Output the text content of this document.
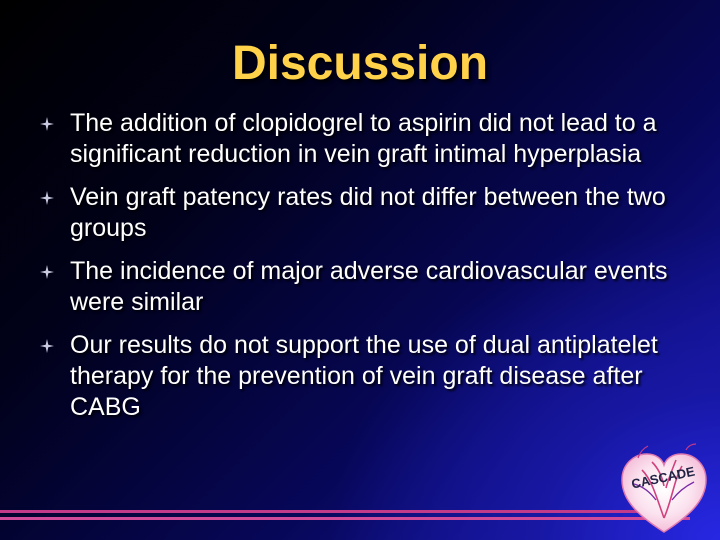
Discussion
The addition of clopidogrel to aspirin did not lead to a significant reduction in vein graft intimal hyperplasia
Vein graft patency rates did not differ between the two groups
The incidence of major adverse cardiovascular events were similar
Our results do not support the use of dual antiplatelet therapy for the prevention of vein graft disease after CABG
CASCADE
